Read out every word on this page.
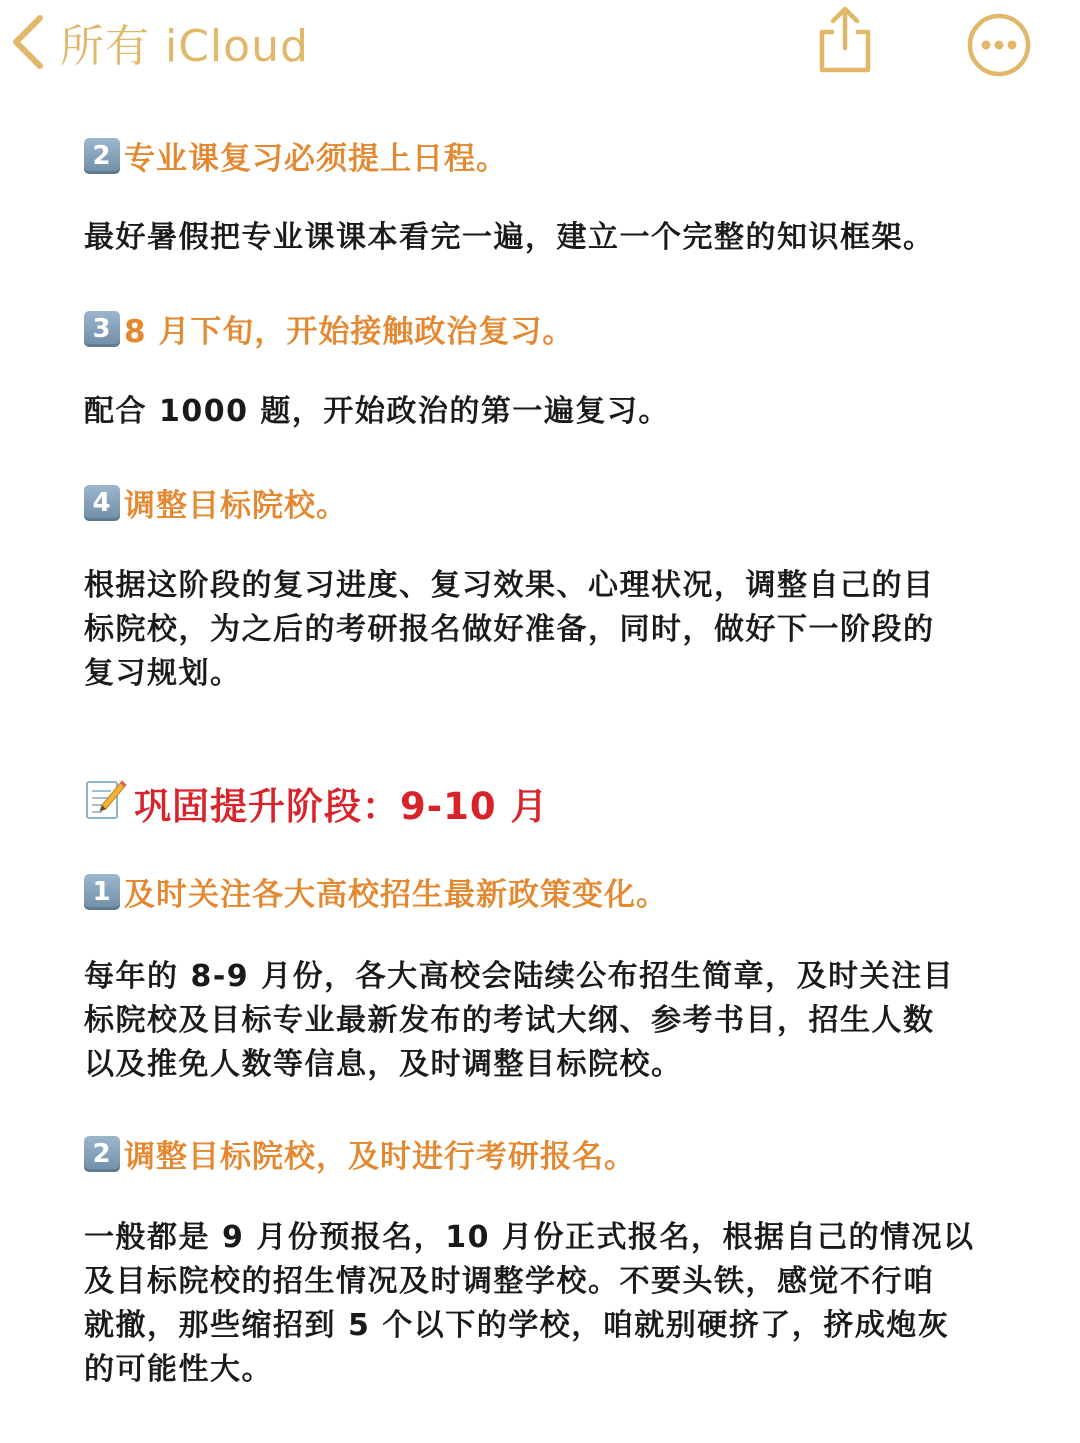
所有 iCloud
2 专业课复习必须提上日程。
最好暑假把专业课课本看完一遍，建立一个完整的知识框架。
3 8 月下旬，开始接触政治复习。
配合 1000 题，开始政治的第一遍复习。
4 调整目标院校。
根据这阶段的复习进度、复习效果、心理状况，调整自己的目
标院校，为之后的考研报名做好准备，同时，做好下一阶段的
复习规划。
巩固提升阶段：9-10 月
1 及时关注各大高校招生最新政策变化。
每年的 8-9 月份，各大高校会陆续公布招生简章，及时关注目
标院校及目标专业最新发布的考试大纲、参考书目，招生人数
以及推免人数等信息，及时调整目标院校。
2 调整目标院校，及时进行考研报名。
一般都是 9 月份预报名，10 月份正式报名，根据自己的情况以
及目标院校的招生情况及时调整学校。不要头铁，感觉不行咱
就撤，那些缩招到 5 个以下的学校，咱就别硬挤了，挤成炮灰
的可能性大。
